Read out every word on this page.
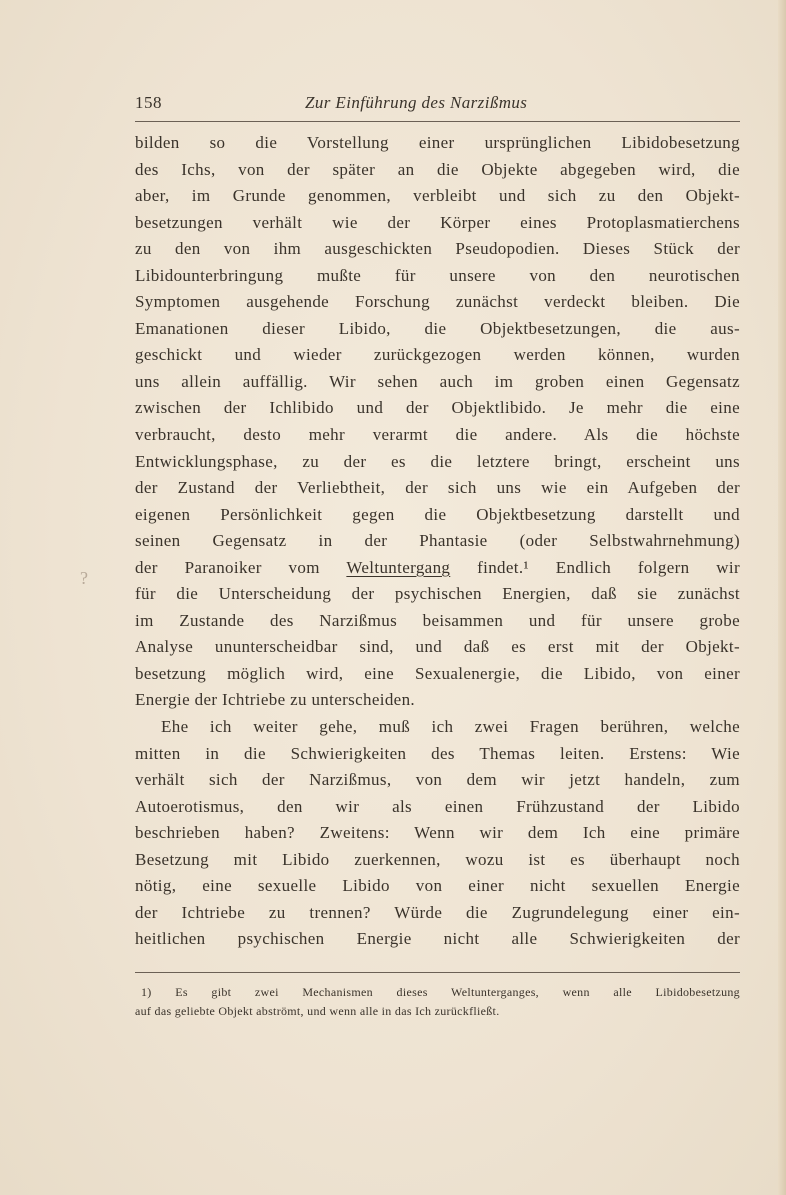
158	Zur Einführung des Narzißmus
?
bilden so die Vorstellung einer ursprünglichen Libidobesetzung
des Ichs, von der später an die Objekte abgegeben wird, die
aber, im Grunde genommen, verbleibt und sich zu den Objekt-
besetzungen verhält wie der Körper eines Protoplasmatierchens
zu den von ihm ausgeschickten Pseudopodien. Dieses Stück der
Libidounterbringung mußte für unsere von den neurotischen
Symptomen ausgehende Forschung zunächst verdeckt bleiben. Die
Emanationen dieser Libido, die Objektbesetzungen, die aus-
geschickt und wieder zurückgezogen werden können, wurden
uns allein auffällig. Wir sehen auch im groben einen Gegensatz
zwischen der Ichlibido und der Objektlibido. Je mehr die eine
verbraucht, desto mehr verarmt die andere. Als die höchste
Entwicklungsphase, zu der es die letztere bringt, erscheint uns
der Zustand der Verliebtheit, der sich uns wie ein Aufgeben der
eigenen Persönlichkeit gegen die Objektbesetzung darstellt und
seinen Gegensatz in der Phantasie (oder Selbstwahrnehmung)
der Paranoiker vom Weltuntergang findet.¹ Endlich folgern wir
für die Unterscheidung der psychischen Energien, daß sie zunächst
im Zustande des Narzißmus beisammen und für unsere grobe
Analyse ununterscheidbar sind, und daß es erst mit der Objekt-
besetzung möglich wird, eine Sexualenergie, die Libido, von einer
Energie der Ichtriebe zu unterscheiden.
Ehe ich weiter gehe, muß ich zwei Fragen berühren, welche
mitten in die Schwierigkeiten des Themas leiten. Erstens: Wie
verhält sich der Narzißmus, von dem wir jetzt handeln, zum
Autoerotismus, den wir als einen Frühzustand der Libido
beschrieben haben? Zweitens: Wenn wir dem Ich eine primäre
Besetzung mit Libido zuerkennen, wozu ist es überhaupt noch
nötig, eine sexuelle Libido von einer nicht sexuellen Energie
der Ichtriebe zu trennen? Würde die Zugrundelegung einer ein-
heitlichen psychischen Energie nicht alle Schwierigkeiten der
1) Es gibt zwei Mechanismen dieses Weltunterganges, wenn alle Libidobesetzung
auf das geliebte Objekt abströmt, und wenn alle in das Ich zurückfließt.
